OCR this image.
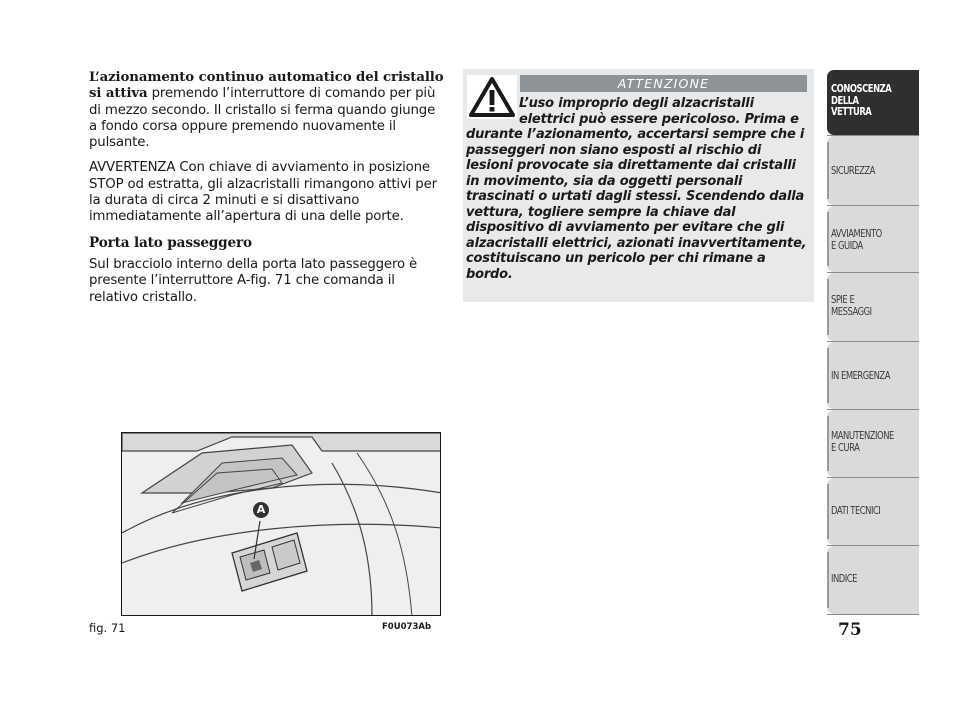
L’azionamento continuo automatico del cristallo si attiva premendo l’interruttore di comando per più di mezzo secondo. Il cristallo si ferma quando giunge a fondo corsa oppure premendo nuovamente il pulsante.

AVVERTENZA Con chiave di avviamento in posizione STOP od estratta, gli alzacristalli rimangono attivi per la durata di circa 2 minuti e si disattivano immediatamente all’apertura di una delle porte.

Porta lato passeggero

Sul bracciolo interno della porta lato passeggero è presente l’interruttore A-fig. 71 che comanda il relativo cristallo.

ATTENZIONE
L’uso improprio degli alzacristalli elettrici può essere pericoloso. Prima e durante l’azionamento, accertarsi sempre che i passeggeri non siano esposti al rischio di lesioni provocate sia direttamente dai cristalli in movimento, sia da oggetti personali trascinati o urtati dagli stessi. Scendendo dalla vettura, togliere sempre la chiave dal dispositivo di avviamento per evitare che gli alzacristalli elettrici, azionati inavvertitamente, costituiscano un pericolo per chi rimane a bordo.
A
fig. 71	F0U073Ab
CONOSCENZA
DELLA
VETTURA
SICUREZZA
AVVIAMENTO
E GUIDA
SPIE E
MESSAGGI
IN EMERGENZA
MANUTENZIONE
E CURA
DATI TECNICI
INDICE
75
